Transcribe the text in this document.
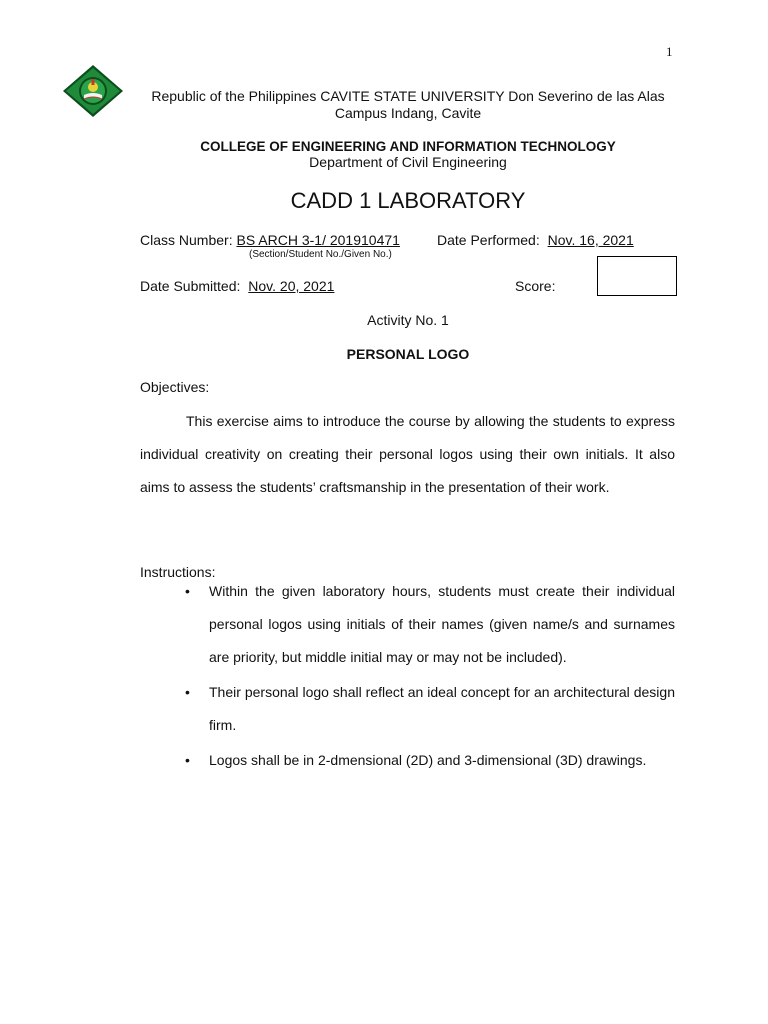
1
Republic of the Philippines CAVITE STATE UNIVERSITY Don Severino de las Alas Campus Indang, Cavite
COLLEGE OF ENGINEERING AND INFORMATION TECHNOLOGY
Department of Civil Engineering
CADD 1 LABORATORY
Class Number: BS ARCH 3-1/ 201910471
(Section/Student No./Given No.)
Date Performed: Nov. 16, 2021
Date Submitted: Nov. 20, 2021	Score:
Activity No. 1
PERSONAL LOGO
Objectives:

This exercise aims to introduce the course by allowing the students to express individual creativity on creating their personal logos using their own initials. It also aims to assess the students’ craftsmanship in the presentation of their work.

Instructions:
• Within the given laboratory hours, students must create their individual personal logos using initials of their names (given name/s and surnames are priority, but middle initial may or may not be included).
• Their personal logo shall reflect an ideal concept for an architectural design firm.
• Logos shall be in 2-dmensional (2D) and 3-dimensional (3D) drawings.
